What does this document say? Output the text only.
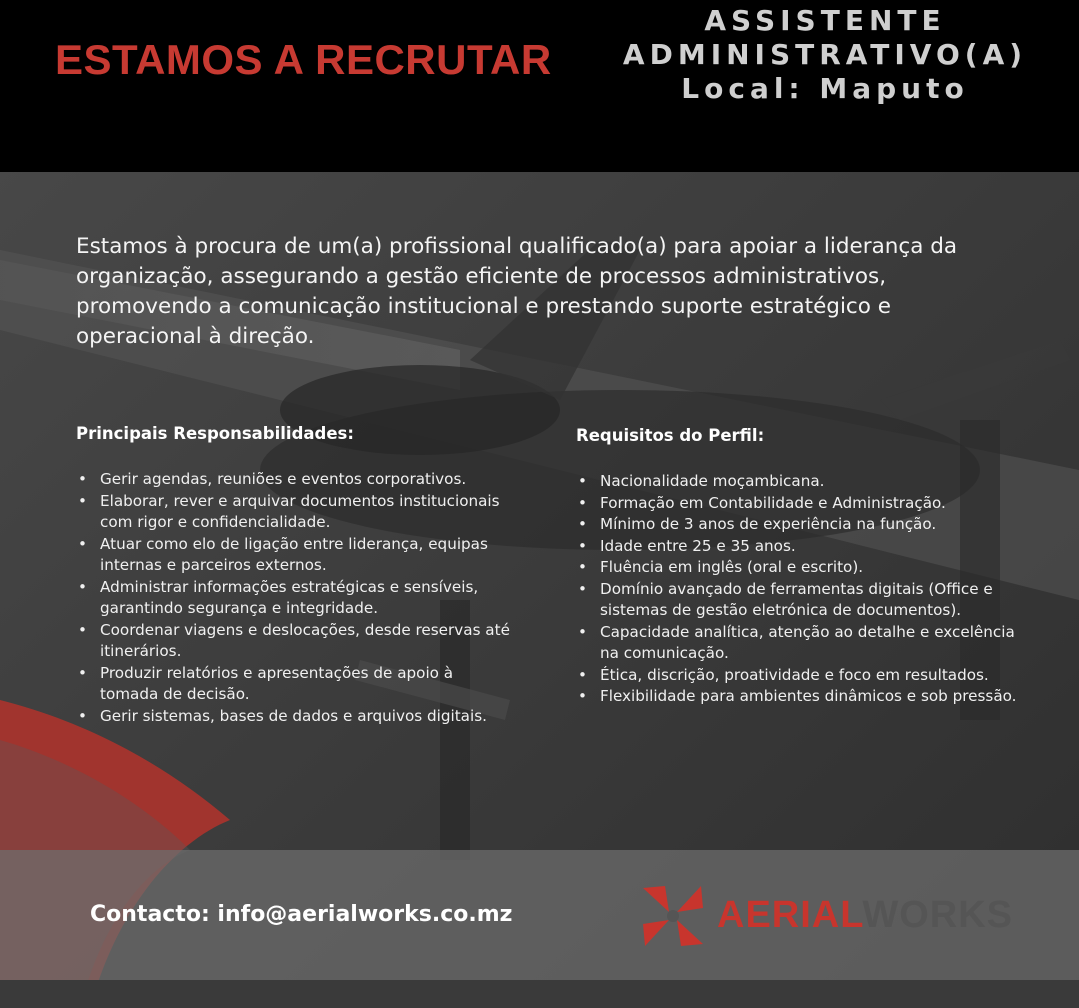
ESTAMOS A RECRUTAR
ASSISTENTE
ADMINISTRATIVO(A)
Local: Maputo

Estamos à procura de um(a) profissional qualificado(a) para apoiar a liderança da organização, assegurando a gestão eficiente de processos administrativos, promovendo a comunicação institucional e prestando suporte estratégico e operacional à direção.

Principais Responsabilidades:
• Gerir agendas, reuniões e eventos corporativos.
• Elaborar, rever e arquivar documentos institucionais com rigor e confidencialidade.
• Atuar como elo de ligação entre liderança, equipas internas e parceiros externos.
• Administrar informações estratégicas e sensíveis, garantindo segurança e integridade.
• Coordenar viagens e deslocações, desde reservas até itinerários.
• Produzir relatórios e apresentações de apoio à tomada de decisão.
• Gerir sistemas, bases de dados e arquivos digitais.
Requisitos do Perfil:
• Nacionalidade moçambicana.
• Formação em Contabilidade e Administração.
• Mínimo de 3 anos de experiência na função.
• Idade entre 25 e 35 anos.
• Fluência em inglês (oral e escrito).
• Domínio avançado de ferramentas digitais (Office e sistemas de gestão eletrónica de documentos).
• Capacidade analítica, atenção ao detalhe e excelência na comunicação.
• Ética, discrição, proatividade e foco em resultados.
• Flexibilidade para ambientes dinâmicos e sob pressão.
Contacto: info@aerialworks.co.mz	AERIALWORKS
